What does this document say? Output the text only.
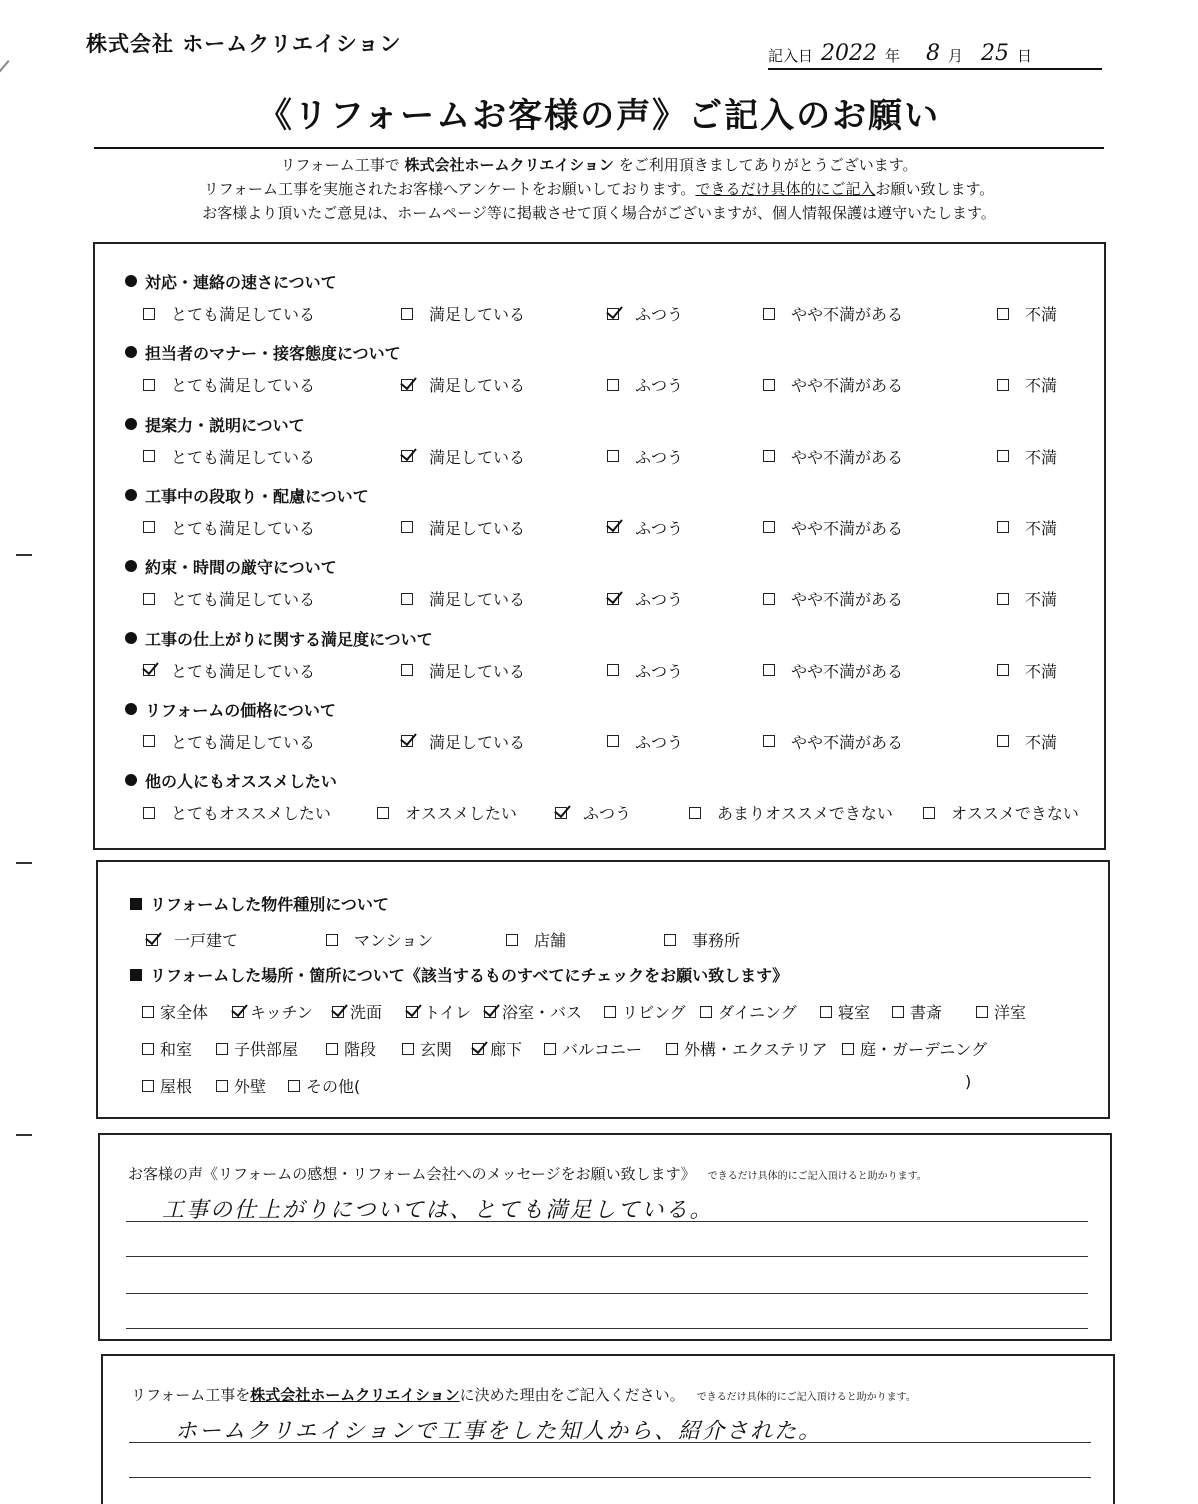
株式会社 ホームクリエイション	記入日 2022 年 8 月 25 日
《リフォームお客様の声》ご記入のお願い
リフォーム工事で 株式会社ホームクリエイション をご利用頂きましてありがとうございます。
リフォーム工事を実施されたお客様へアンケートをお願いしております。できるだけ具体的にご記入お願い致します。
お客様より頂いたご意見は、ホームページ等に掲載させて頂く場合がございますが、個人情報保護は遵守いたします。
対応・連絡の速さについて
とても満足している	満足している	ふつう	やや不満がある	不満
担当者のマナー・接客態度について
とても満足している	満足している	ふつう	やや不満がある	不満
提案力・説明について
とても満足している	満足している	ふつう	やや不満がある	不満
工事中の段取り・配慮について
とても満足している	満足している	ふつう	やや不満がある	不満
約束・時間の厳守について
とても満足している	満足している	ふつう	やや不満がある	不満
工事の仕上がりに関する満足度について
とても満足している	満足している	ふつう	やや不満がある	不満
リフォームの価格について
とても満足している	満足している	ふつう	やや不満がある	不満
他の人にもオススメしたい
とてもオススメしたい	オススメしたい	ふつう	あまりオススメできない	オススメできない
リフォームした物件種別について
リフォームした場所・箇所について《該当するものすべてにチェックをお願い致します》
)
一戸建て	マンション	店舗	事務所
家全体	キッチン 洗面	トイレ 浴室・バス リビング ダイニング	寝室 書斎	洋室
和室	子供部屋	階段	玄関 廊下 バルコニー	外構・エクステリア 庭・ガーデニング
屋根	外壁 その他(
お客様の声《リフォームの感想・リフォーム会社へのメッセージをお願い致します》 できるだけ具体的にご記入頂けると助かります。
工事の仕上がりについては、とても満足している。
リフォーム工事を株式会社ホームクリエイションに決めた理由をご記入ください。 できるだけ具体的にご記入頂けると助かります。
ホームクリエイションで工事をした知人から、紹介された。
